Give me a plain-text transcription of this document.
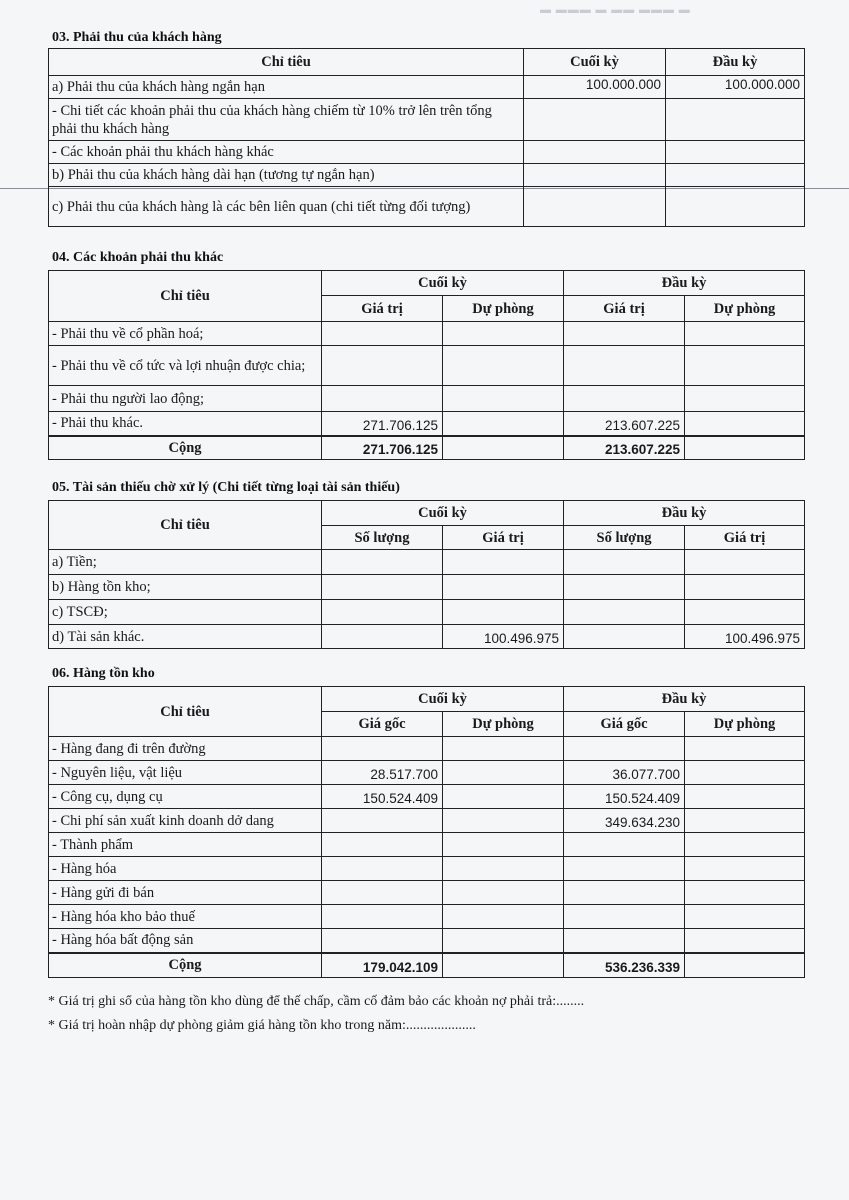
▬ ▬▬▬ ▬ ▬▬ ▬▬▬ ▬
03. Phải thu của khách hàng
Chỉ tiêu	Cuối kỳ	Đầu kỳ
a) Phải thu của khách hàng ngắn hạn	100.000.000	100.000.000
- Chi tiết các khoản phải thu của khách hàng chiếm từ 10% trở lên trên tổng phải thu khách hàng		
- Các khoản phải thu khách hàng khác		
b) Phải thu của khách hàng dài hạn (tương tự ngắn hạn)		
c) Phải thu của khách hàng là các bên liên quan (chi tiết từng đối tượng)		
04. Các khoản phải thu khác
Chỉ tiêu	Cuối kỳ		Đầu kỳ	
	Giá trị	Dự phòng	Giá trị	Dự phòng
- Phải thu về cổ phần hoá;				
- Phải thu về cổ tức và lợi nhuận được chia;				
- Phải thu người lao động;				
- Phải thu khác.	271.706.125		213.607.225	
Cộng	271.706.125		213.607.225	
05. Tài sản thiếu chờ xử lý (Chi tiết từng loại tài sản thiếu)
Chỉ tiêu	Cuối kỳ		Đầu kỳ	
	Số lượng	Giá trị	Số lượng	Giá trị
a) Tiền;				
b) Hàng tồn kho;				
c) TSCĐ;				
d) Tài sản khác.		100.496.975		100.496.975
06. Hàng tồn kho
Chỉ tiêu	Cuối kỳ		Đầu kỳ	
	Giá gốc	Dự phòng	Giá gốc	Dự phòng
- Hàng đang đi trên đường				
- Nguyên liệu, vật liệu	28.517.700		36.077.700	
- Công cụ, dụng cụ	150.524.409		150.524.409	
- Chi phí sản xuất kinh doanh dở dang			349.634.230	
- Thành phẩm				
- Hàng hóa				
- Hàng gửi đi bán				
- Hàng hóa kho bảo thuế				
- Hàng hóa bất động sản				
Cộng	179.042.109		536.236.339	
* Giá trị ghi sổ của hàng tồn kho dùng để thế chấp, cầm cố đảm bảo các khoản nợ phải trả:........
* Giá trị hoàn nhập dự phòng giảm giá hàng tồn kho trong năm:....................
